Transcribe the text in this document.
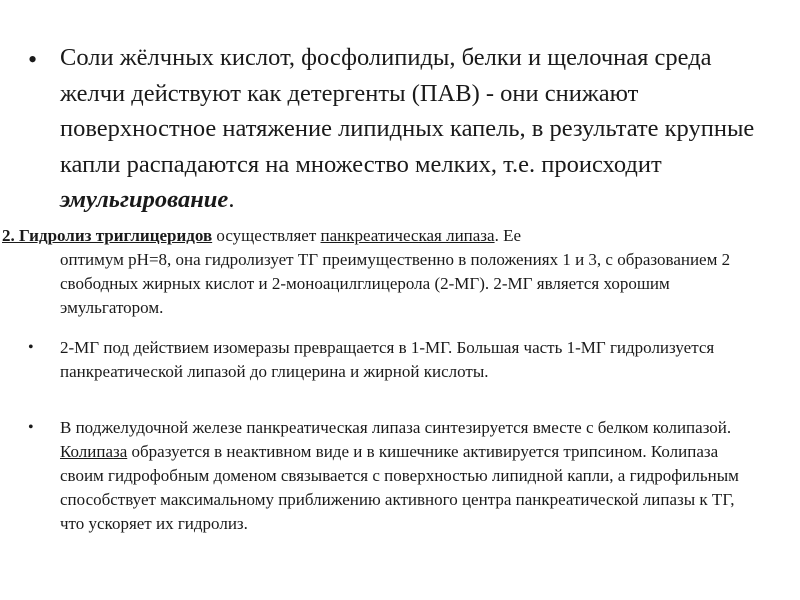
• Соли жёлчных кислот, фосфолипиды, белки и щелочная среда желчи действуют как детергенты (ПАВ) - они снижают поверхностное натяжение липидных капель, в результате крупные капли распадаются на множество мелких, т.е. происходит эмульгирование.
2. Гидролиз триглицеридов осуществляет панкреатическая липаза. Ее
оптимум pH=8, она гидролизует ТГ преимущественно в положениях 1 и 3, с образованием 2 свободных жирных кислот и 2-моноацилглицерола (2-МГ). 2-МГ является хорошим эмульгатором.
• 2-МГ под действием изомеразы превращается в 1-МГ. Большая часть 1-МГ гидролизуется панкреатической липазой до глицерина и жирной кислоты.
• В поджелудочной железе панкреатическая липаза синтезируется вместе с белком колипазой. Колипаза образуется в неактивном виде и в кишечнике активируется трипсином. Колипаза своим гидрофобным доменом связывается с поверхностью липидной капли, а гидрофильным способствует максимальному приближению активного центра панкреатической липазы к ТГ, что ускоряет их гидролиз.
